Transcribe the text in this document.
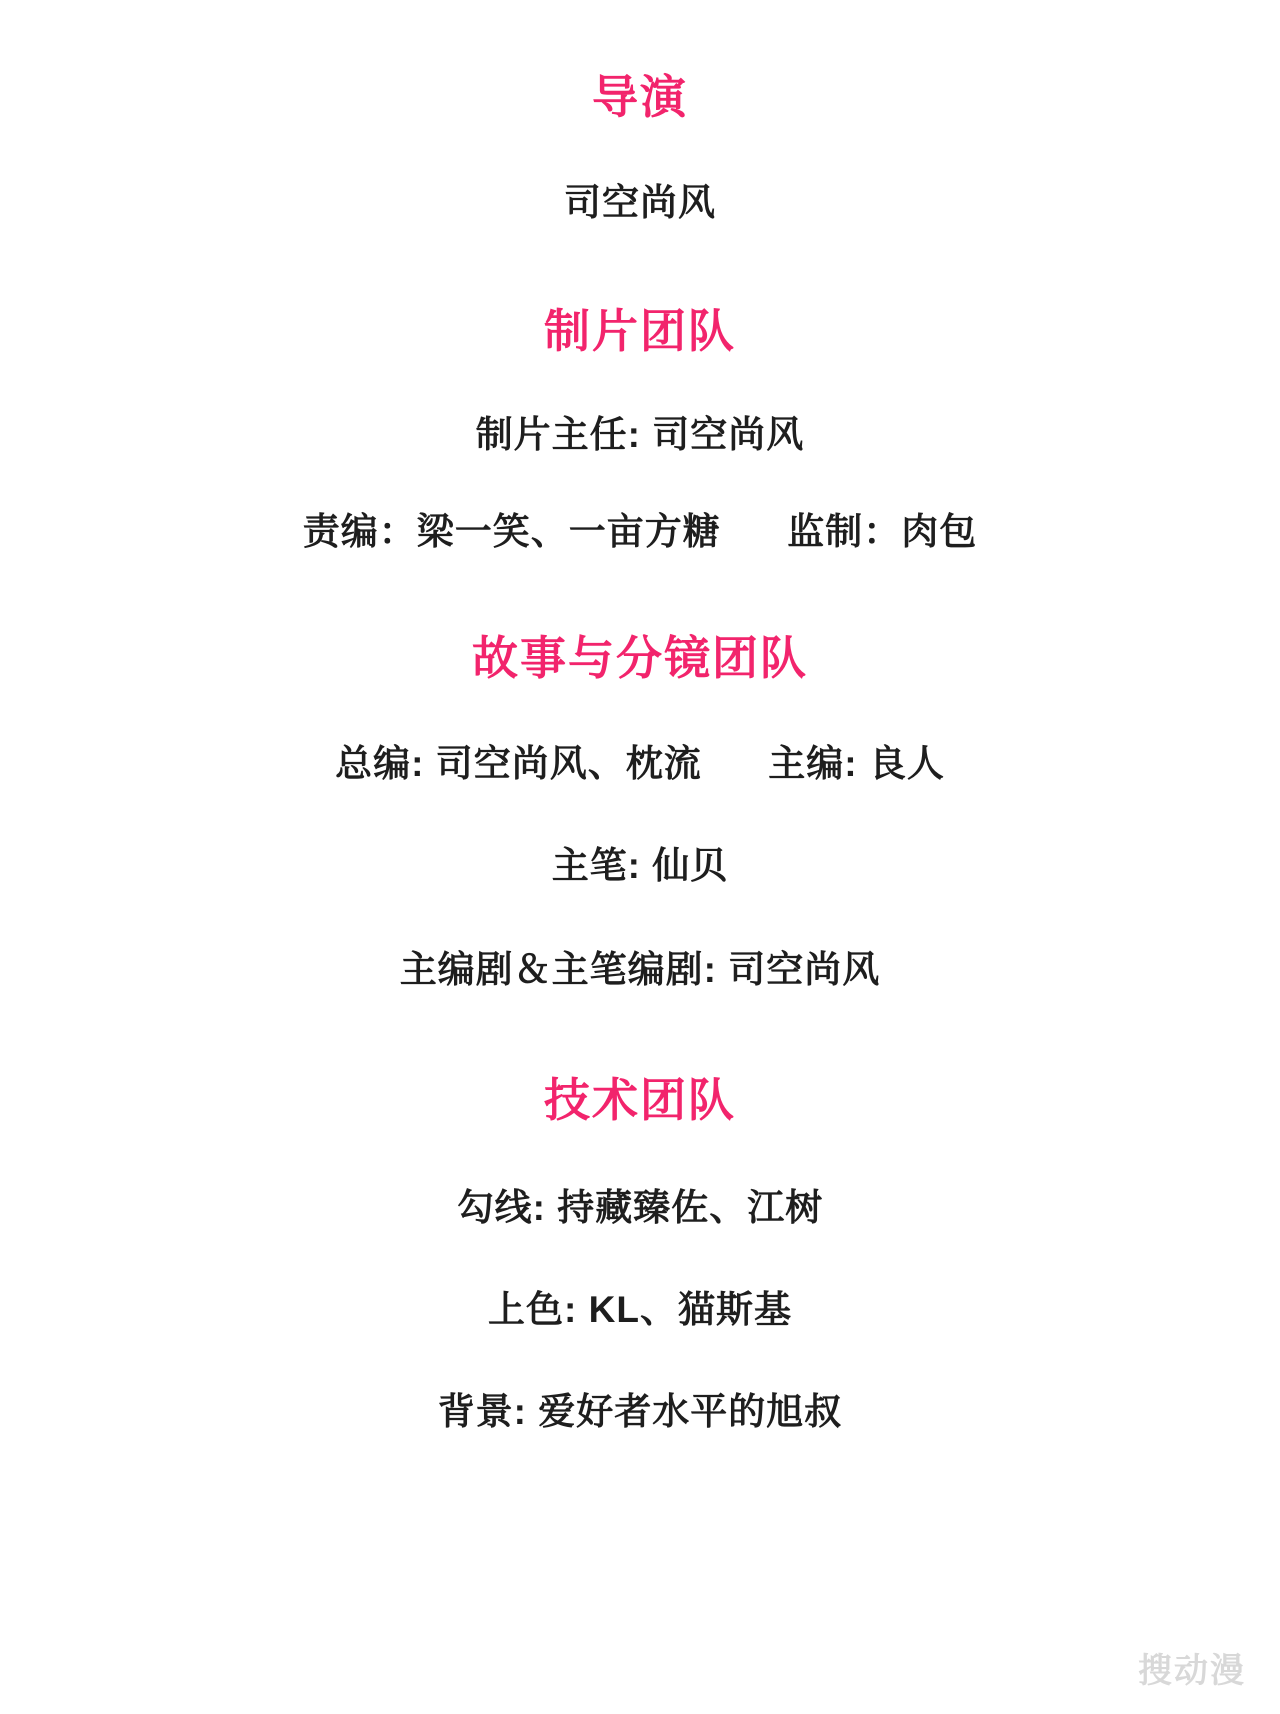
导演

司空尚风

制片团队

制片主任: 司空尚风

责编：梁一笑、一亩方糖 监制：肉包

故事与分镜团队

总编: 司空尚风、枕流 主编: 良人

主笔: 仙贝

主编剧＆主笔编剧: 司空尚风

技术团队

勾线: 持藏臻佐、江树

上色: KL、猫斯基

背景: 爱好者水平的旭叔

搜动漫
